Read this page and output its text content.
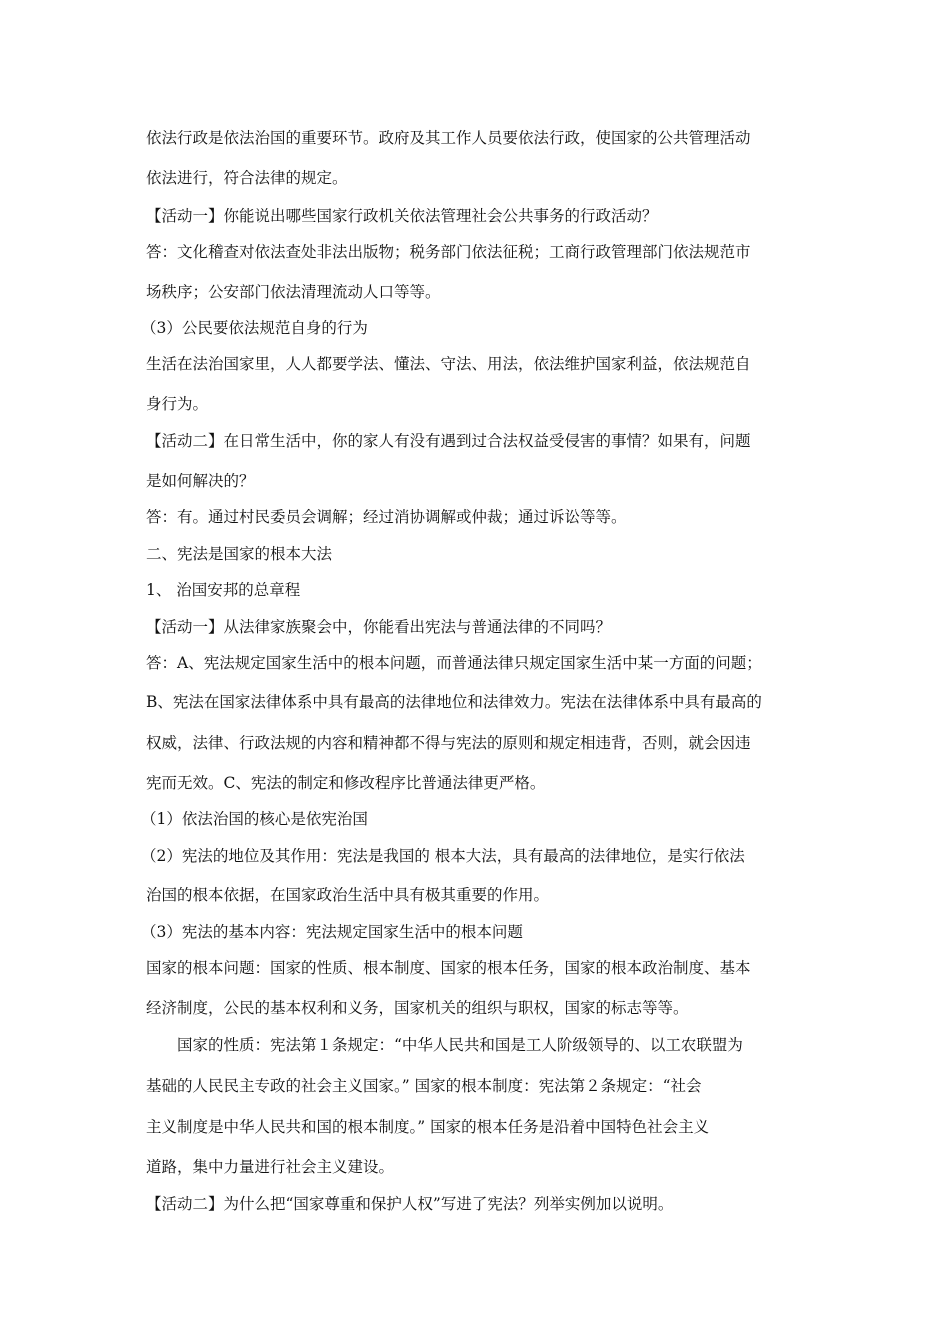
依法行政是依法治国的重要环节。政府及其工作人员要依法行政，使国家的公共管理活动
依法进行，符合法律的规定。
【活动一】你能说出哪些国家行政机关依法管理社会公共事务的行政活动？
答：文化稽查对依法查处非法出版物；税务部门依法征税；工商行政管理部门依法规范市
场秩序；公安部门依法清理流动人口等等。
（3）公民要依法规范自身的行为
生活在法治国家里，人人都要学法、懂法、守法、用法，依法维护国家利益，依法规范自
身行为。
【活动二】在日常生活中，你的家人有没有遇到过合法权益受侵害的事情？如果有，问题
是如何解决的？
答：有。通过村民委员会调解；经过消协调解或仲裁；通过诉讼等等。
二、宪法是国家的根本大法
1、 治国安邦的总章程
【活动一】从法律家族聚会中，你能看出宪法与普通法律的不同吗？
答：A、宪法规定国家生活中的根本问题，而普通法律只规定国家生活中某一方面的问题；
B、宪法在国家法律体系中具有最高的法律地位和法律效力。宪法在法律体系中具有最高的
权威，法律、行政法规的内容和精神都不得与宪法的原则和规定相违背，否则，就会因违
宪而无效。C、宪法的制定和修改程序比普通法律更严格。
（1）依法治国的核心是依宪治国
（2）宪法的地位及其作用：宪法是我国的 根本大法，具有最高的法律地位，是实行依法
治国的根本依据，在国家政治生活中具有极其重要的作用。
（3）宪法的基本内容：宪法规定国家生活中的根本问题
国家的根本问题：国家的性质、根本制度、国家的根本任务，国家的根本政治制度、基本
经济制度，公民的基本权利和义务，国家机关的组织与职权，国家的标志等等。
国家的性质：宪法第１条规定：“中华人民共和国是工人阶级领导的、以工农联盟为
基础的人民民主专政的社会主义国家。” 国家的根本制度：宪法第２条规定：“社会
主义制度是中华人民共和国的根本制度。” 国家的根本任务是沿着中国特色社会主义
道路，集中力量进行社会主义建设。
【活动二】为什么把“国家尊重和保护人权”写进了宪法？列举实例加以说明。
